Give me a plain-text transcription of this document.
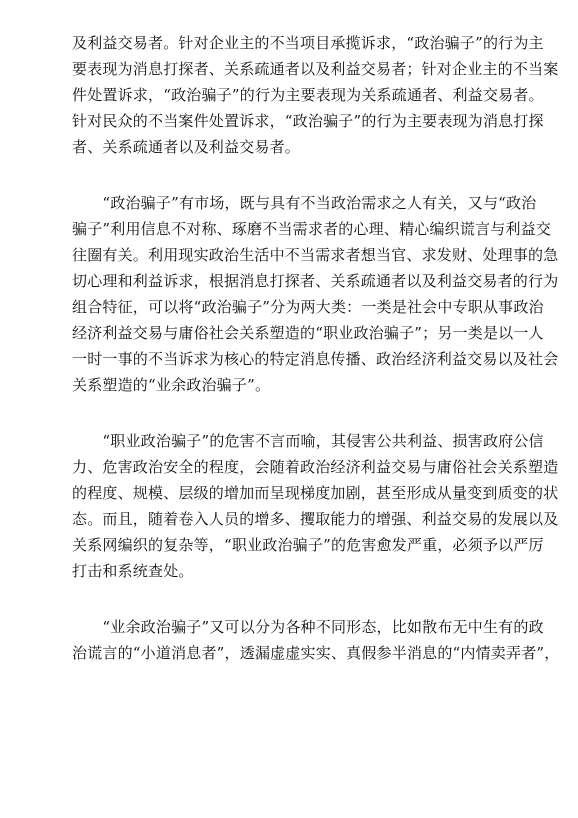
及利益交易者。针对企业主的不当项目承揽诉求，“政治骗子”的行为主
要表现为消息打探者、关系疏通者以及利益交易者；针对企业主的不当案
件处置诉求，“政治骗子”的行为主要表现为关系疏通者、利益交易者。
针对民众的不当案件处置诉求，“政治骗子”的行为主要表现为消息打探
者、关系疏通者以及利益交易者。
　　“政治骗子”有市场，既与具有不当政治需求之人有关，又与“政治
骗子”利用信息不对称、琢磨不当需求者的心理、精心编织谎言与利益交
往圈有关。利用现实政治生活中不当需求者想当官、求发财、处理事的急
切心理和利益诉求，根据消息打探者、关系疏通者以及利益交易者的行为
组合特征，可以将“政治骗子”分为两大类：一类是社会中专职从事政治
经济利益交易与庸俗社会关系塑造的“职业政治骗子”；另一类是以一人
一时一事的不当诉求为核心的特定消息传播、政治经济利益交易以及社会
关系塑造的“业余政治骗子”。
　　“职业政治骗子”的危害不言而喻，其侵害公共利益、损害政府公信
力、危害政治安全的程度，会随着政治经济利益交易与庸俗社会关系塑造
的程度、规模、层级的增加而呈现梯度加剧，甚至形成从量变到质变的状
态。而且，随着卷入人员的增多、攫取能力的增强、利益交易的发展以及
关系网编织的复杂等，“职业政治骗子”的危害愈发严重，必须予以严厉
打击和系统查处。
　　“业余政治骗子”又可以分为各种不同形态，比如散布无中生有的政
治谎言的“小道消息者”，透漏虚虚实实、真假参半消息的“内情卖弄者”，
